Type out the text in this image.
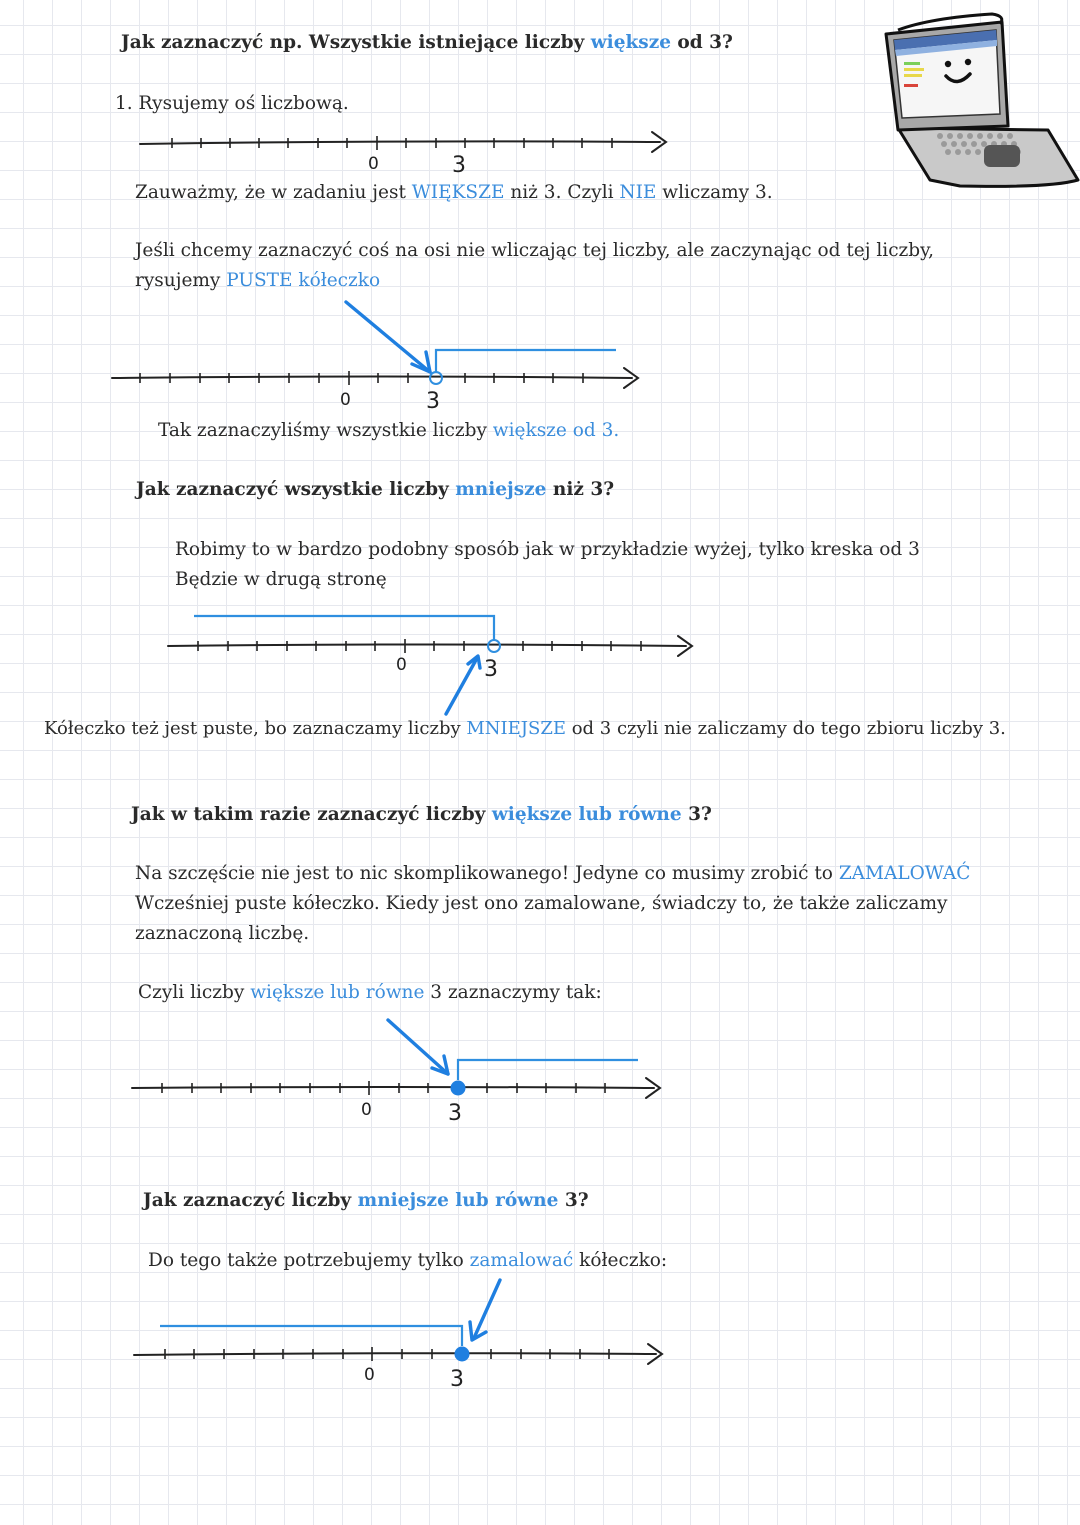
Jak zaznaczyć np. Wszystkie istniejące liczby większe od 3?
1. Rysujemy oś liczbową.
Zauważmy, że w zadaniu jest WIĘKSZE niż 3. Czyli NIE wliczamy 3.
Jeśli chcemy zaznaczyć coś na osi nie wliczając tej liczby, ale zaczynając od tej liczby,
rysujemy PUSTE kółeczko
Tak zaznaczyliśmy wszystkie liczby większe od 3.
Jak zaznaczyć wszystkie liczby mniejsze niż 3?
Robimy to w bardzo podobny sposób jak w przykładzie wyżej, tylko kreska od 3
Będzie w drugą stronę
Kółeczko też jest puste, bo zaznaczamy liczby MNIEJSZE od 3 czyli nie zaliczamy do tego zbioru liczby 3.
Jak w takim razie zaznaczyć liczby większe lub równe 3?
Na szczęście nie jest to nic skomplikowanego! Jedyne co musimy zrobić to ZAMALOWAĆ
Wcześniej puste kółeczko. Kiedy jest ono zamalowane, świadczy to, że także zaliczamy
zaznaczoną liczbę.
Czyli liczby większe lub równe 3 zaznaczymy tak:
Jak zaznaczyć liczby mniejsze lub równe 3?
Do tego także potrzebujemy tylko zamalować kółeczko:
0	3
0	3
0	3
0	3
0	3
